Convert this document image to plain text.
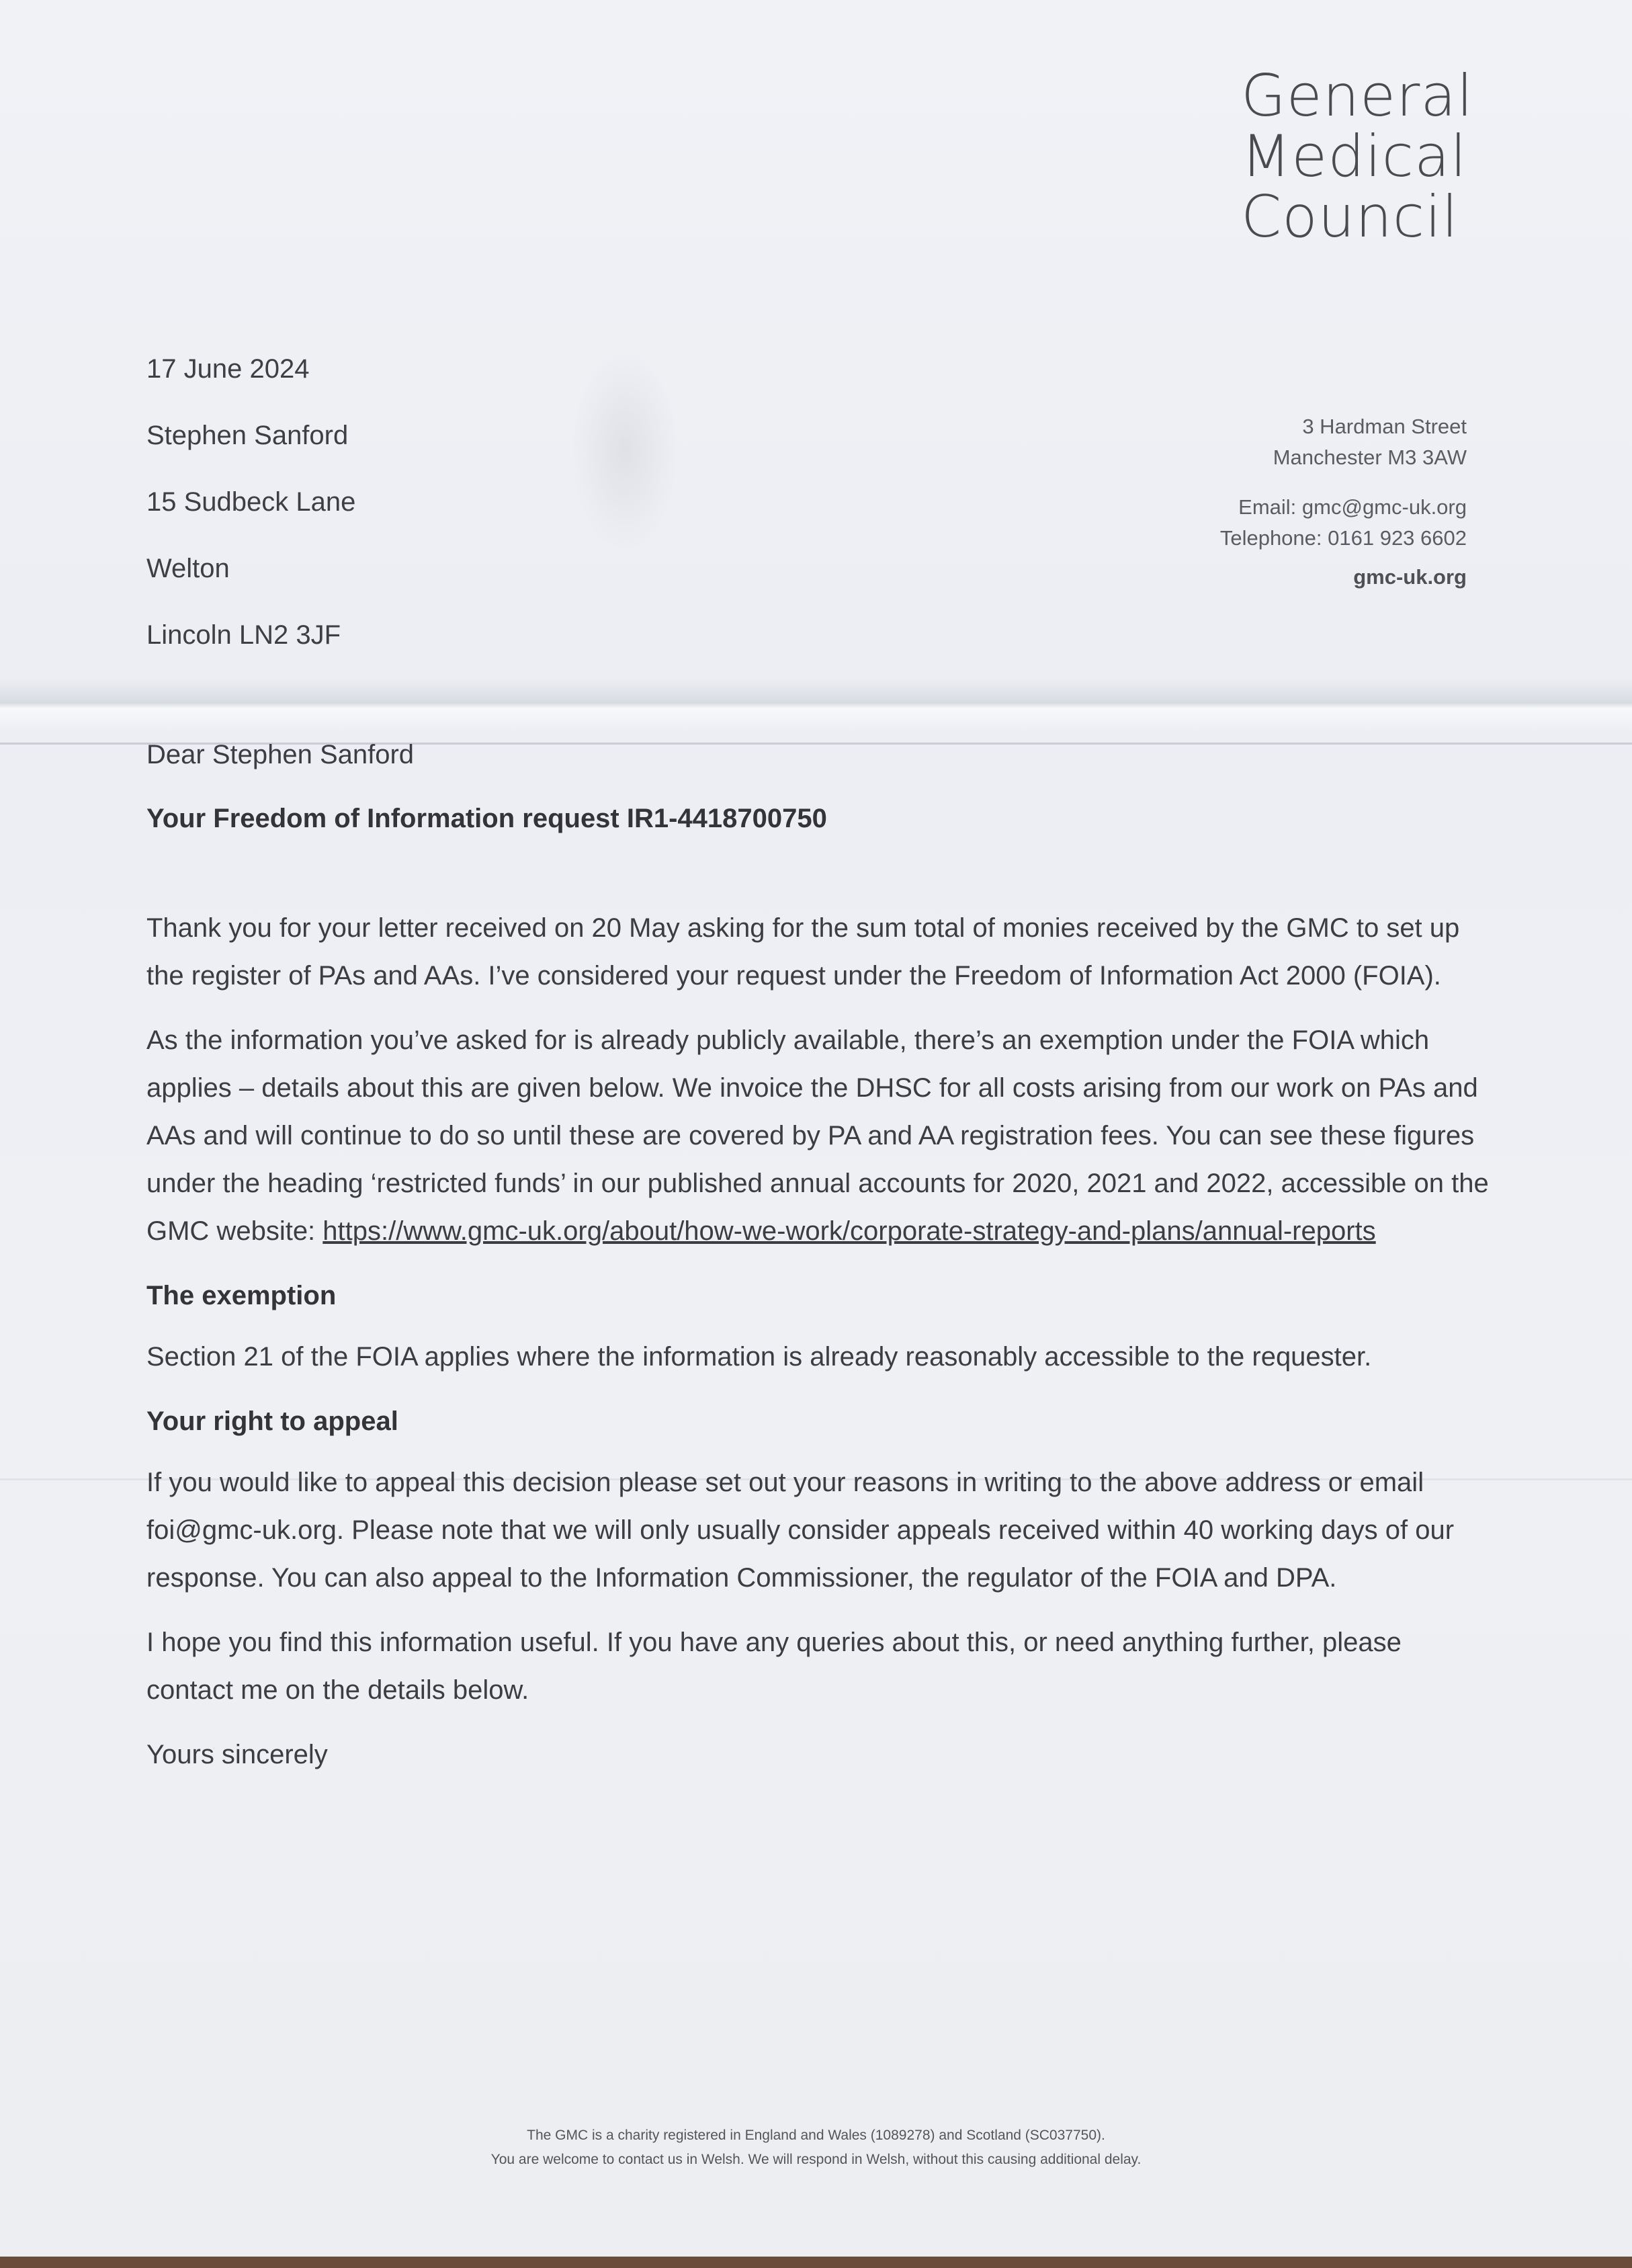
General
Medical
Council
17 June 2024
Stephen Sanford
15 Sudbeck Lane
Welton
Lincoln LN2 3JF
3 Hardman Street
Manchester M3 3AW
Email: gmc@gmc-uk.org
Telephone: 0161 923 6602
gmc-uk.org

Dear Stephen Sanford

Your Freedom of Information request IR1-4418700750

Thank you for your letter received on 20 May asking for the sum total of monies received by the GMC to set up the register of PAs and AAs. I’ve considered your request under the Freedom of Information Act 2000 (FOIA).

As the information you’ve asked for is already publicly available, there’s an exemption under the FOIA which applies – details about this are given below. We invoice the DHSC for all costs arising from our work on PAs and AAs and will continue to do so until these are covered by PA and AA registration fees. You can see these figures under the heading ‘restricted funds’ in our published annual accounts for 2020, 2021 and 2022, accessible on the GMC website: https://www.gmc-uk.org/about/how-we-work/corporate-strategy-and-plans/annual-reports

The exemption

Section 21 of the FOIA applies where the information is already reasonably accessible to the requester.

Your right to appeal

If you would like to appeal this decision please set out your reasons in writing to the above address or email foi@gmc-uk.org. Please note that we will only usually consider appeals received within 40 working days of our response. You can also appeal to the Information Commissioner, the regulator of the FOIA and DPA.

I hope you find this information useful. If you have any queries about this, or need anything further, please contact me on the details below.

Yours sincerely

The GMC is a charity registered in England and Wales (1089278) and Scotland (SC037750).
You are welcome to contact us in Welsh. We will respond in Welsh, without this causing additional delay.
